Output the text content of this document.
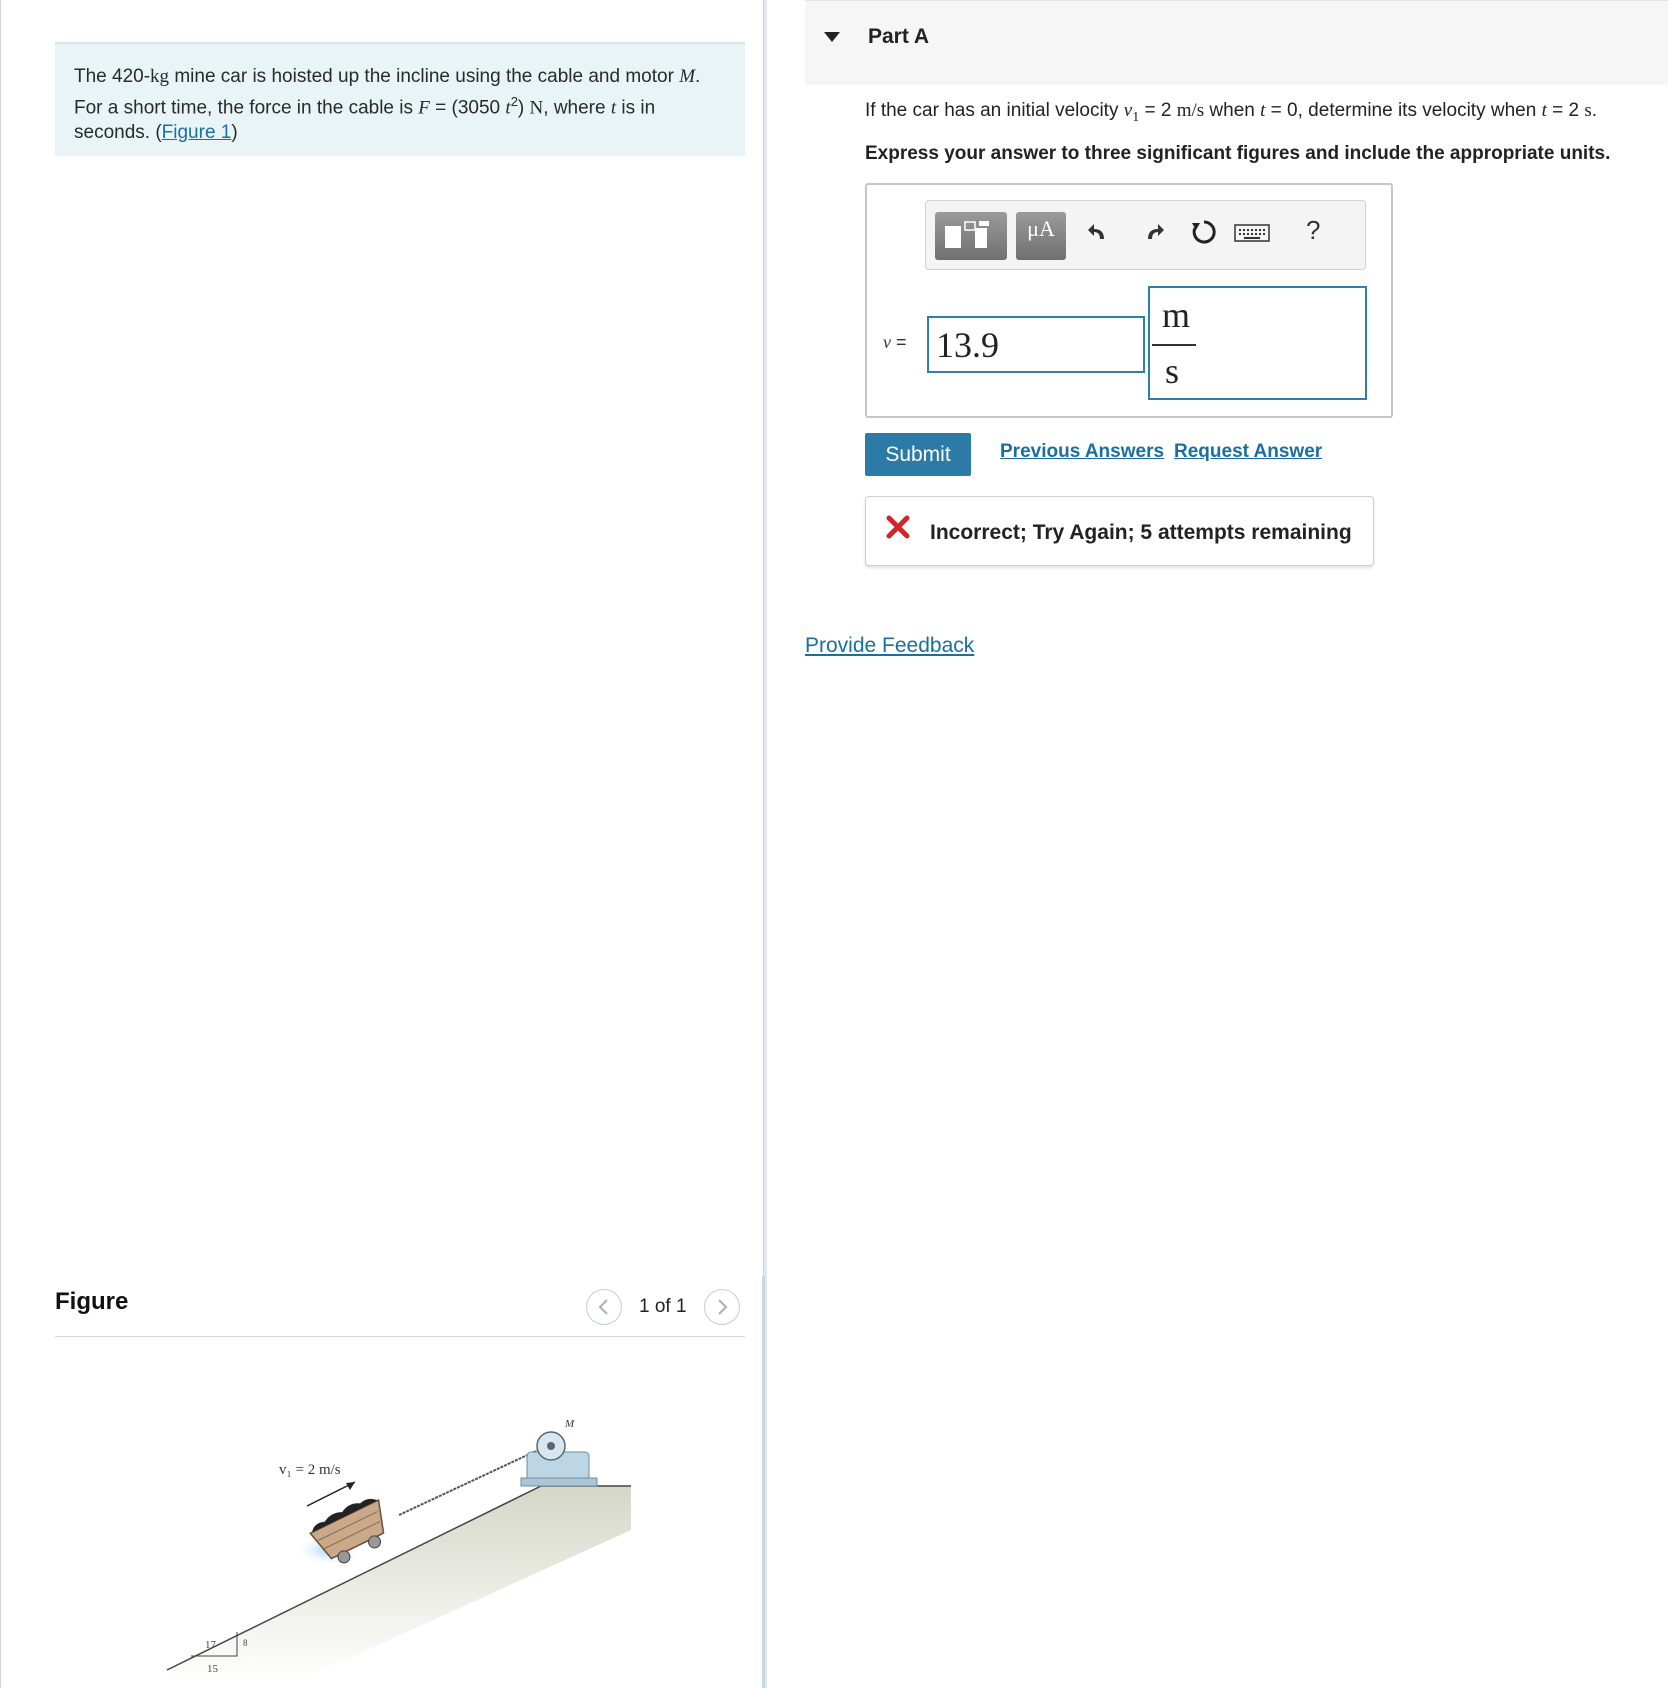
The 420-kg mine car is hoisted up the incline using the cable and motor M. For a short time, the force in the cable is F = (3050 $t^2$) N, where t is in seconds. (Figure 1)
Figure	1 of 1
17
15
8
M
v₁ = 2 m/s
Part A
If the car has an initial velocity $v_1 = 2$ m/s when t = 0, determine its velocity when t = 2 s.
Express your answer to three significant figures and include the appropriate units.
μA	?
v = 13.9
m
s
Submit	Previous Answers Request Answer
Incorrect; Try Again; 5 attempts remaining
Provide Feedback
